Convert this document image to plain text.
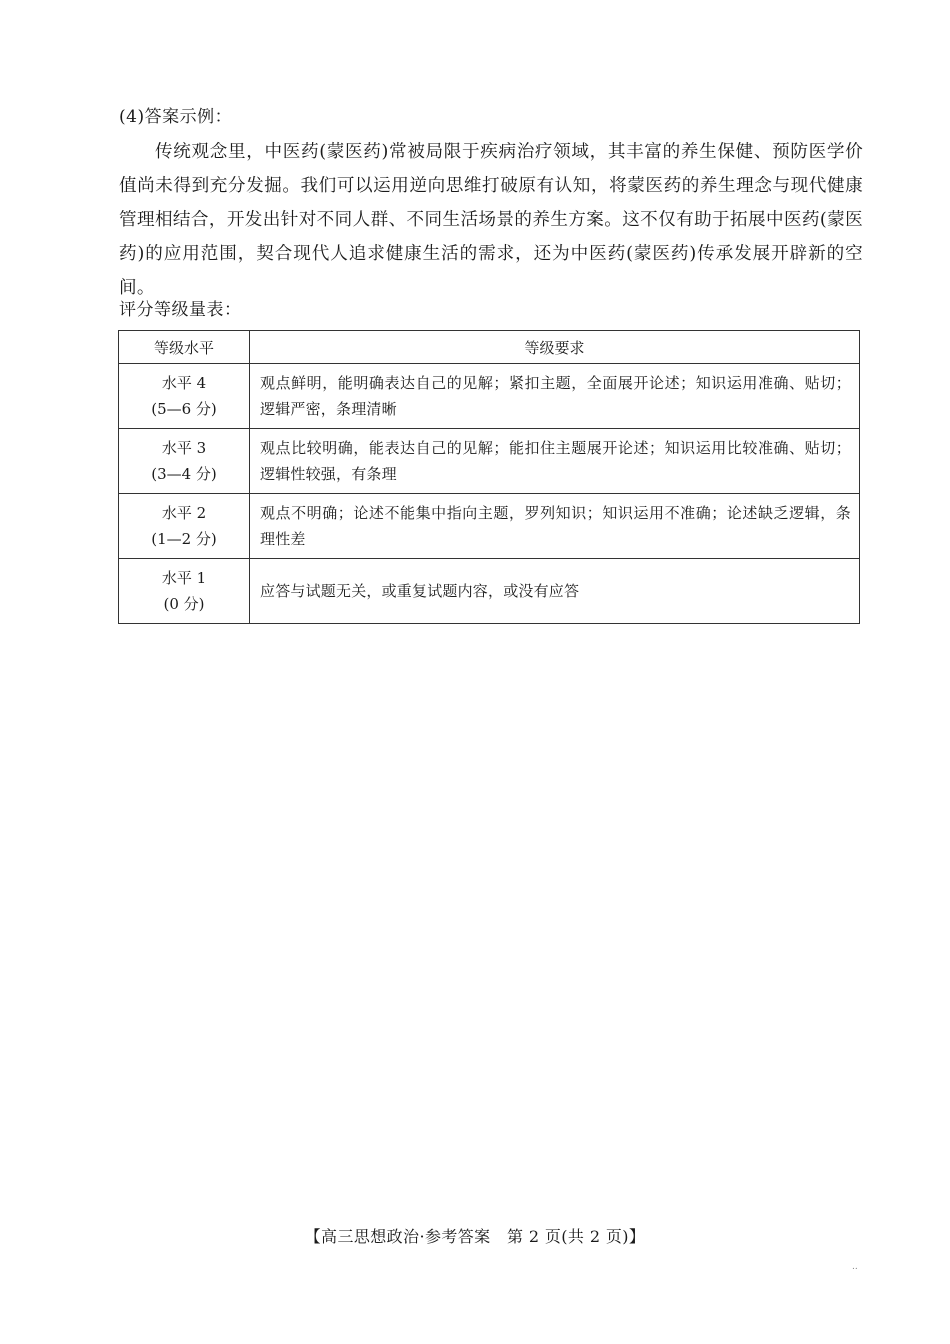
(4)答案示例：
传统观念里，中医药(蒙医药)常被局限于疾病治疗领域，其丰富的养生保健、预防医学价值尚未得到充分发掘。我们可以运用逆向思维打破原有认知，将蒙医药的养生理念与现代健康管理相结合，开发出针对不同人群、不同生活场景的养生方案。这不仅有助于拓展中医药(蒙医药)的应用范围，契合现代人追求健康生活的需求，还为中医药(蒙医药)传承发展开辟新的空间。
评分等级量表：
等级水平	等级要求

水平 4
(5—6 分)	观点鲜明，能明确表达自己的见解；紧扣主题，全面展开论述；知识运用准确、贴切；逻辑严密，条理清晰

水平 3
(3—4 分)	观点比较明确，能表达自己的见解；能扣住主题展开论述；知识运用比较准确、贴切；逻辑性较强，有条理

水平 2
(1—2 分)	观点不明确；论述不能集中指向主题，罗列知识；知识运用不准确；论述缺乏逻辑，条理性差

水平 1
(0 分)	应答与试题无关，或重复试题内容，或没有应答
【高三思想政治·参考答案　第 2 页(共 2 页)】
..
